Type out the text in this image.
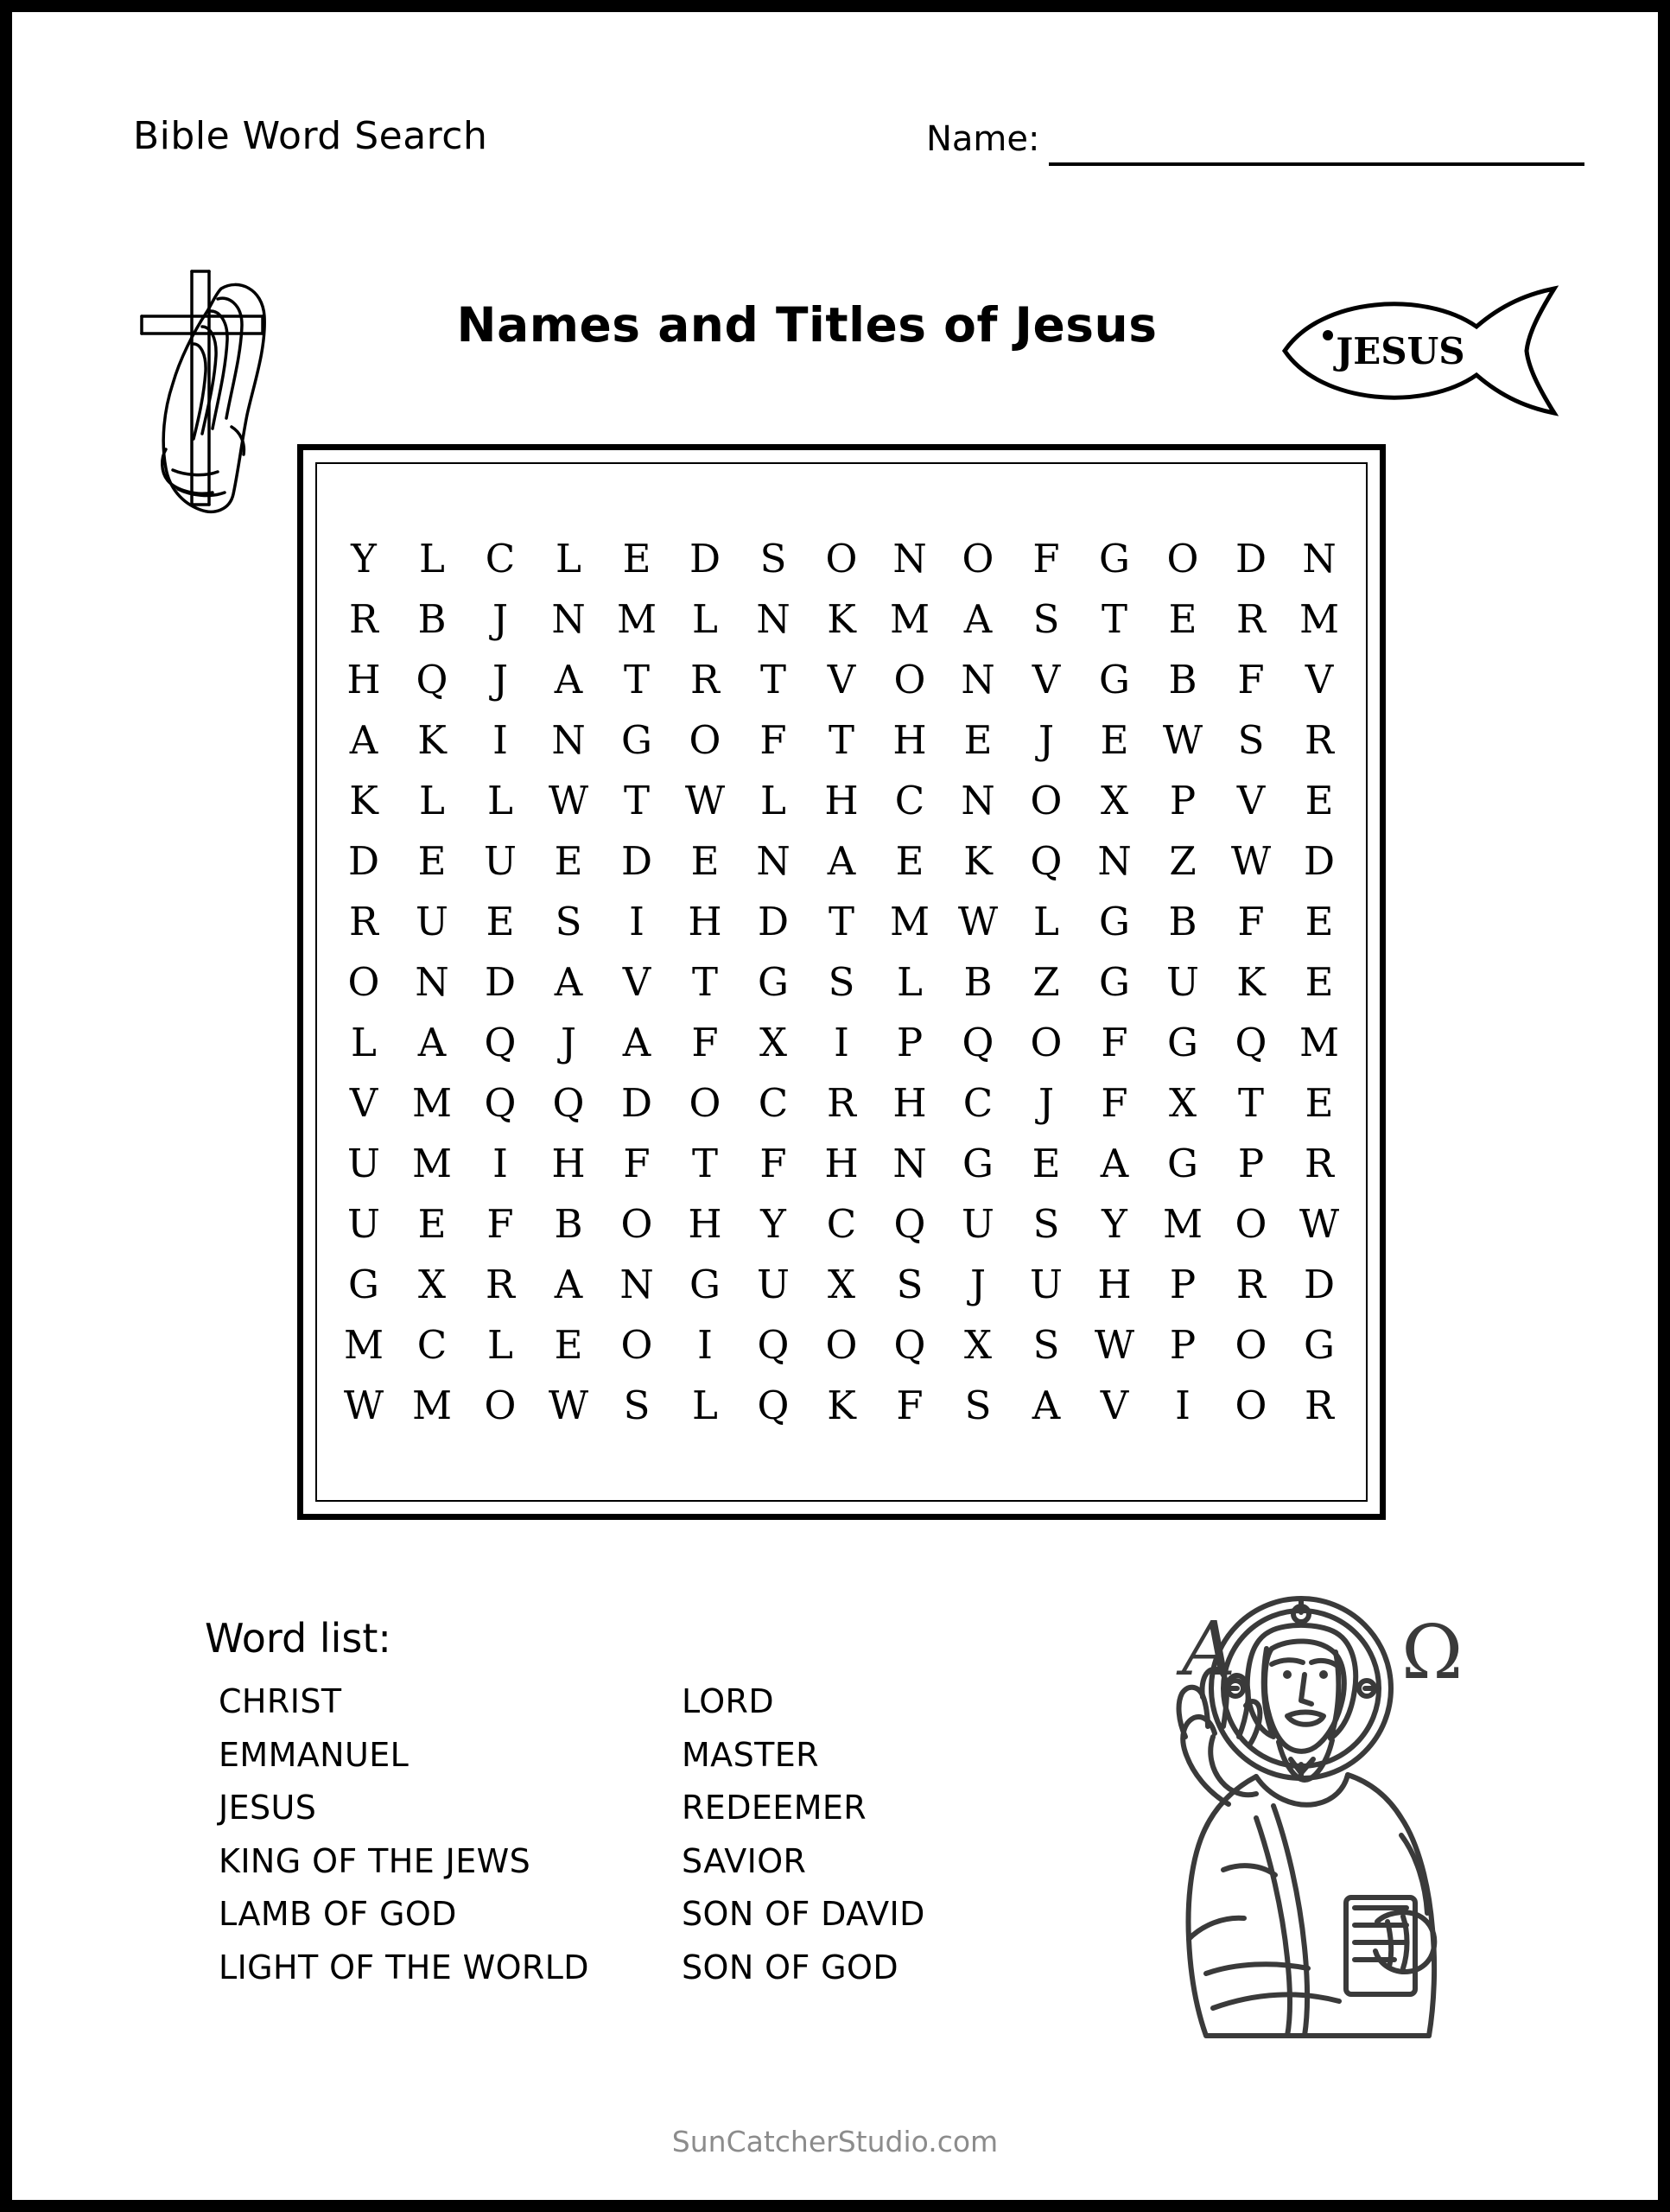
Bible Word Search	Name:
Names and Titles of Jesus	JESUS
Y	L	C	L	E D	S	O N O F	G O D N
R	B	J	N M L N K M A	S	T	E	R M
H Q	J	A	T	R	T	V O N V G B	F	V
A	K	I	N G O F	T H E	J	E W S	R
K	L	L W T W L H C N O X	P	V	E
D E U E D E N A	E	K Q N Z W D
R U E	S	I	H D	T M W L	G B	F	E
O N D A	V	T	G	S	L	B	Z	G U K	E
L	A Q	J	A	F	X	I	P	Q O F	G Q M
V M Q Q D O C R H C	J	F	X	T	E
U M	I	H F	T	F H N G E	A G	P	R
U E	F	B O H Y	C Q U S	Y M O W
G	X	R	A N G U X	S	J	U H P	R D
M C	L	E O	I	Q O Q X	S W P	O G
W M O W S	L	Q K	F	S	A	V	I	O R
Word list:
CHRIST
EMMANUEL
JESUS
KING OF THE JEWS
LAMB OF GOD
LIGHT OF THE WORLD
LORD
MASTER
REDEEMER
SAVIOR
SON OF DAVID
SON OF GOD
A Ω
SunCatcherStudio.com
